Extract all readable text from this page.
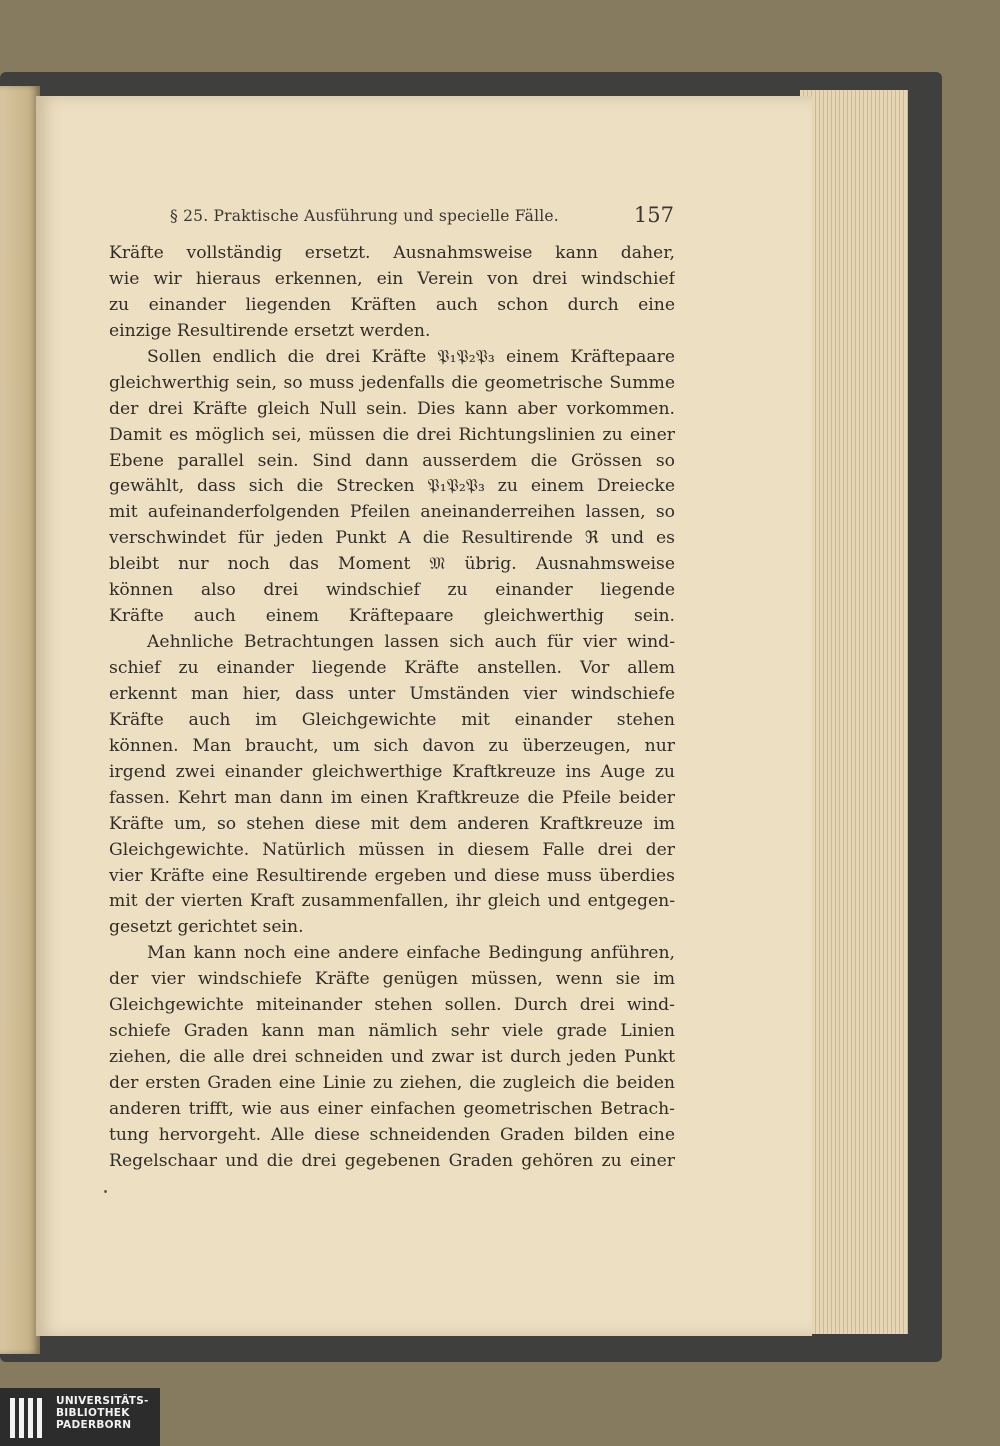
§ 25. Praktische Ausführung und specielle Fälle.	157
Kräfte vollständig ersetzt. Ausnahmsweise kann daher,
wie wir hieraus erkennen, ein Verein von drei windschief
zu einander liegenden Kräften auch schon durch eine
einzige Resultirende ersetzt werden.
Sollen endlich die drei Kräfte 𝔓₁𝔓₂𝔓₃ einem Kräftepaare
gleichwerthig sein, so muss jedenfalls die geometrische Summe
der drei Kräfte gleich Null sein. Dies kann aber vorkommen.
Damit es möglich sei, müssen die drei Richtungslinien zu einer
Ebene parallel sein. Sind dann ausserdem die Grössen so
gewählt, dass sich die Strecken 𝔓₁𝔓₂𝔓₃ zu einem Dreiecke
mit aufeinanderfolgenden Pfeilen aneinanderreihen lassen, so
verschwindet für jeden Punkt A die Resultirende ℜ und es
bleibt nur noch das Moment 𝔐 übrig. Ausnahmsweise
können also drei windschief zu einander liegende
Kräfte auch einem Kräftepaare gleichwerthig sein.
Aehnliche Betrachtungen lassen sich auch für vier wind-
schief zu einander liegende Kräfte anstellen. Vor allem
erkennt man hier, dass unter Umständen vier windschiefe
Kräfte auch im Gleichgewichte mit einander stehen
können. Man braucht, um sich davon zu überzeugen, nur
irgend zwei einander gleichwerthige Kraftkreuze ins Auge zu
fassen. Kehrt man dann im einen Kraftkreuze die Pfeile beider
Kräfte um, so stehen diese mit dem anderen Kraftkreuze im
Gleichgewichte. Natürlich müssen in diesem Falle drei der
vier Kräfte eine Resultirende ergeben und diese muss überdies
mit der vierten Kraft zusammenfallen, ihr gleich und entgegen-
gesetzt gerichtet sein.
Man kann noch eine andere einfache Bedingung anführen,
der vier windschiefe Kräfte genügen müssen, wenn sie im
Gleichgewichte miteinander stehen sollen. Durch drei wind-
schiefe Graden kann man nämlich sehr viele grade Linien
ziehen, die alle drei schneiden und zwar ist durch jeden Punkt
der ersten Graden eine Linie zu ziehen, die zugleich die beiden
anderen trifft, wie aus einer einfachen geometrischen Betrach-
tung hervorgeht. Alle diese schneidenden Graden bilden eine
Regelschaar und die drei gegebenen Graden gehören zu einer
UNIVERSITÄTS-
BIBLIOTHEK
PADERBORN
